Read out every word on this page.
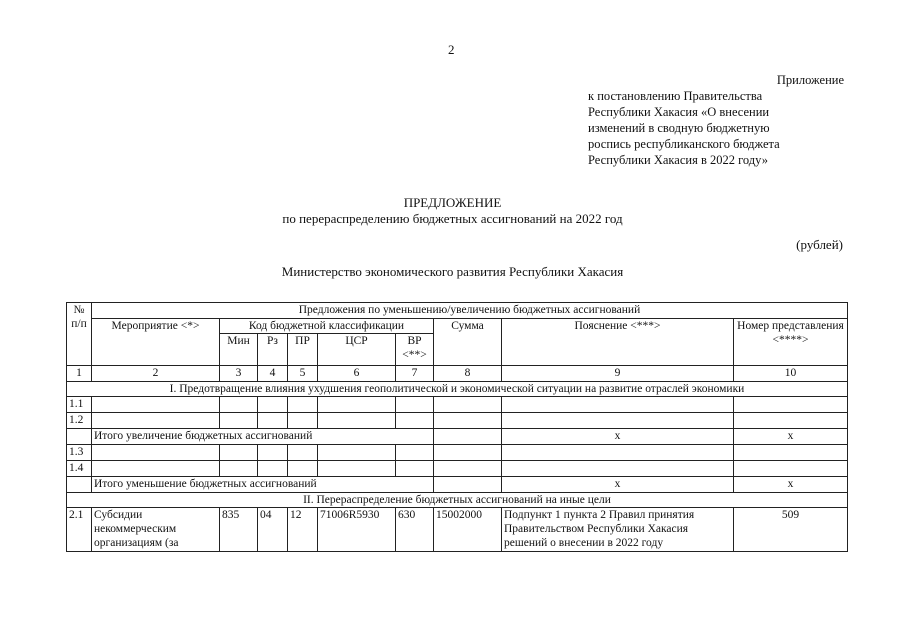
2
Приложение
к постановлению Правительства
Республики Хакасия «О внесении
изменений в сводную бюджетную
роспись республиканского бюджета
Республики Хакасия в 2022 году»
ПРЕДЛОЖЕНИЕ
по перераспределению бюджетных ассигнований на 2022 год
(рублей)
Министерство экономического развития Республики Хакасия
№ п/п	Предложения по уменьшению/увеличению бюджетных ассигнований								
	Мероприятие <*>	Код бюджетной классификации					Сумма	Пояснение <***>	Номер представления <****>
		Мин	Рз	ПР	ЦСР	ВР <**>			
1	2	3	4	5	6	7	8	9	10
I. Предотвращение влияния ухудшения геополитической и экономической ситуации на развитие отраслей экономики									
1.1									
1.2									
	Итого увеличение бюджетных ассигнований							х	х
1.3									
1.4									
	Итого уменьшение бюджетных ассигнований							х	х
II. Перераспределение бюджетных ассигнований на иные цели									
2.1	Субсидии некоммерческим организациям (за	835	04	12	71006R5930	630	15002000	Подпункт 1 пункта 2 Правил принятия Правительством Республики Хакасия решений о внесении в 2022 году	509
